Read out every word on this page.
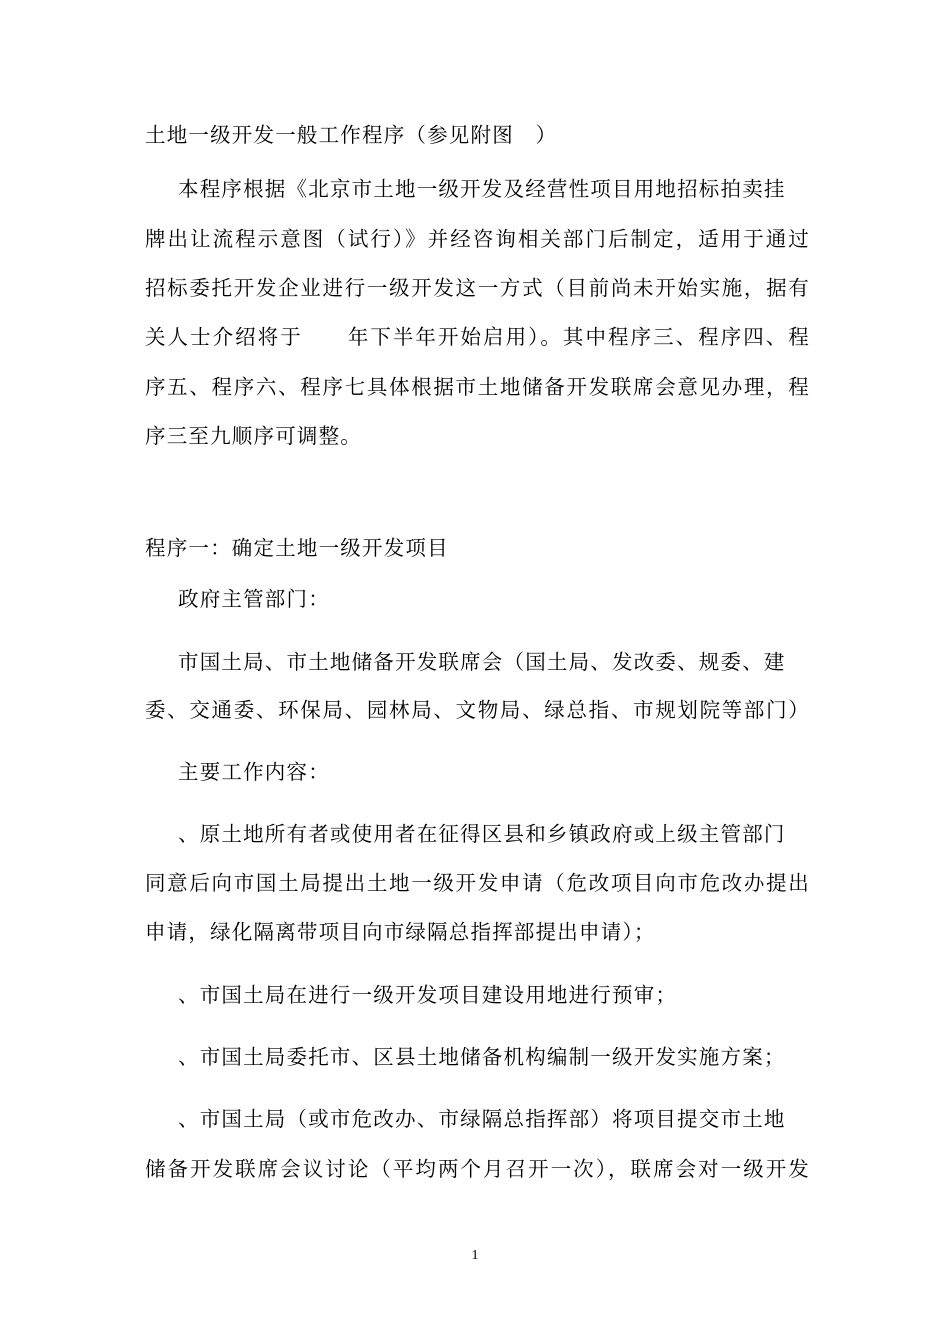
土地一级开发一般工作程序（参见附图　）
本程序根据《北京市土地一级开发及经营性项目用地招标拍卖挂
牌出让流程示意图（试行）》并经咨询相关部门后制定，适用于通过
招标委托开发企业进行一级开发这一方式（目前尚未开始实施，据有
关人士介绍将于　　年下半年开始启用）。其中程序三、程序四、程
序五、程序六、程序七具体根据市土地储备开发联席会意见办理，程
序三至九顺序可调整。
程序一：确定土地一级开发项目
政府主管部门：
市国土局、市土地储备开发联席会（国土局、发改委、规委、建
委、交通委、环保局、园林局、文物局、绿总指、市规划院等部门）
主要工作内容：
、原土地所有者或使用者在征得区县和乡镇政府或上级主管部门
同意后向市国土局提出土地一级开发申请（危改项目向市危改办提出
申请，绿化隔离带项目向市绿隔总指挥部提出申请）；
、市国土局在进行一级开发项目建设用地进行预审；
、市国土局委托市、区县土地储备机构编制一级开发实施方案；
、市国土局（或市危改办、市绿隔总指挥部）将项目提交市土地
储备开发联席会议讨论（平均两个月召开一次），联席会对一级开发
1
